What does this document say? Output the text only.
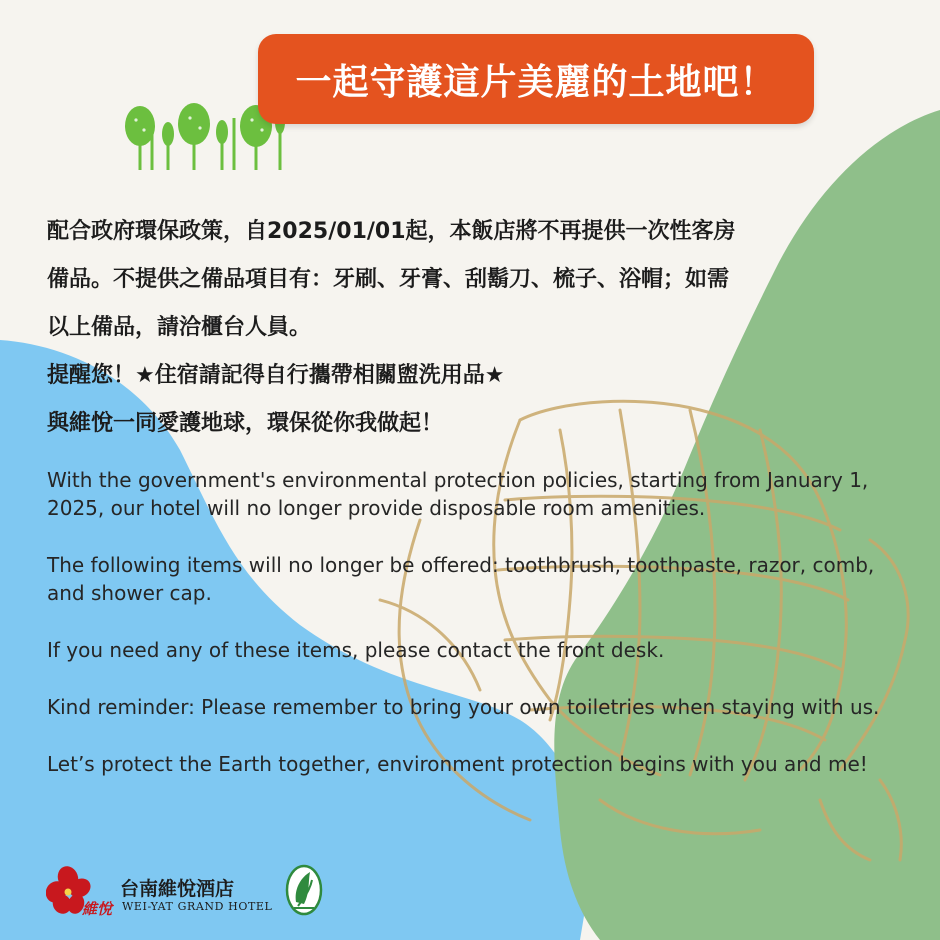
一起守護這片美麗的土地吧！
配合政府環保政策，自2025/01/01起，本飯店將不再提供一次性客房
備品。不提供之備品項目有：牙刷、牙膏、刮鬍刀、梳子、浴帽；如需
以上備品，請洽櫃台人員。
提醒您！★住宿請記得自行攜帶相關盥洗用品★
與維悅一同愛護地球，環保從你我做起！

With the government's environmental protection policies, starting from January 1, 2025, our hotel will no longer provide disposable room amenities.

The following items will no longer be offered: toothbrush, toothpaste, razor, comb, and shower cap.

If you need any of these items, please contact the front desk.

Kind reminder: Please remember to bring your own toiletries when staying with us.

Let’s protect the Earth together, environment protection begins with you and me!

維悅
台南維悅酒店
WEI-YAT GRAND HOTEL
